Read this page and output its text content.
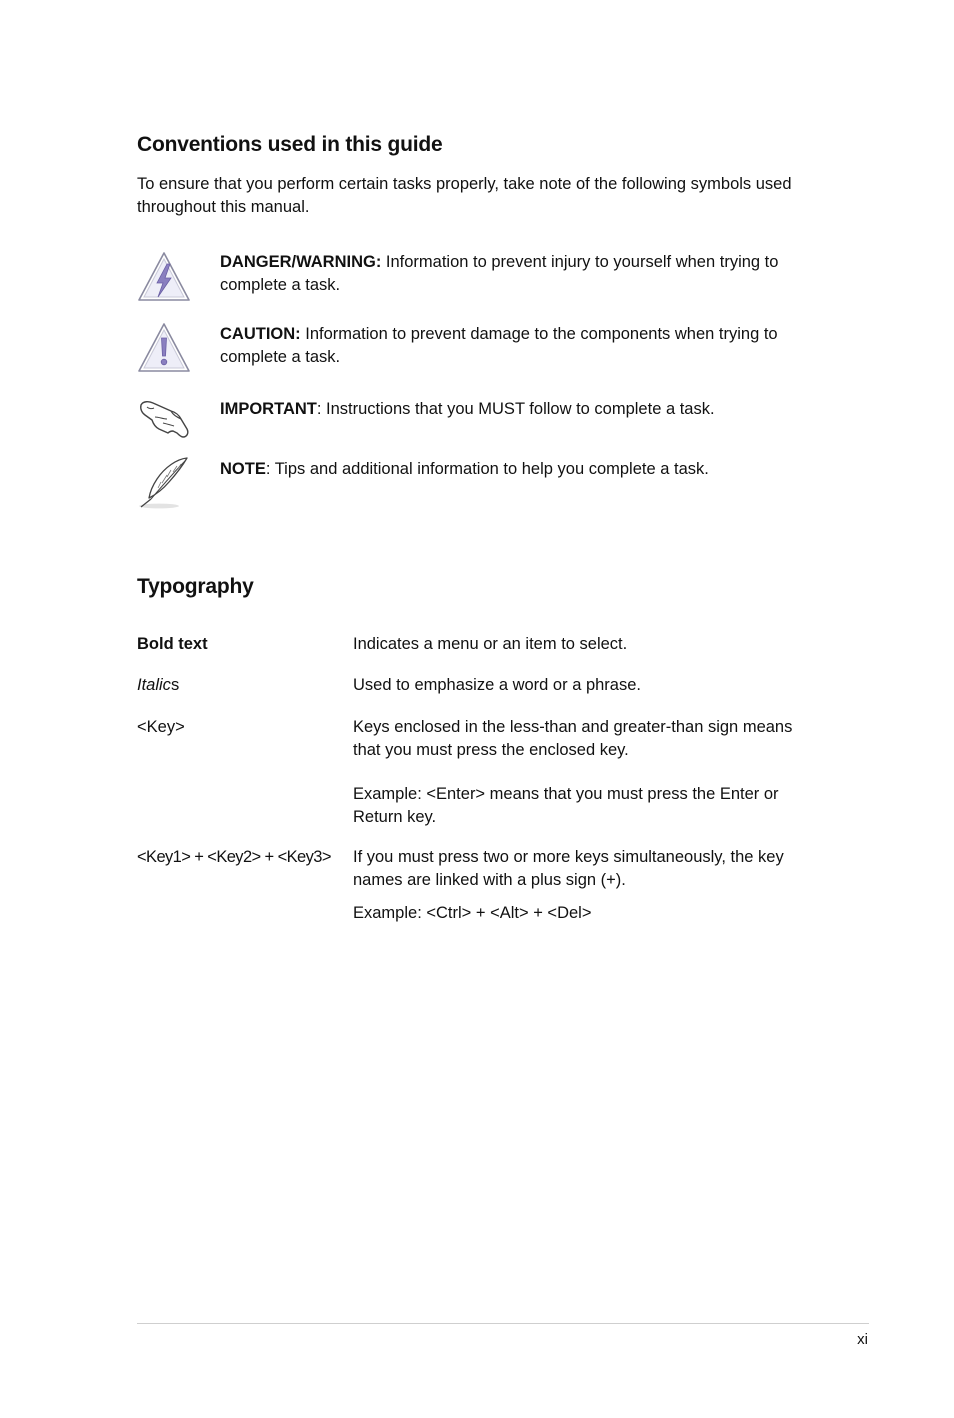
Conventions used in this guide
To ensure that you perform certain tasks properly, take note of the following symbols used throughout this manual.
DANGER/WARNING: Information to prevent injury to yourself when trying to complete a task.
CAUTION: Information to prevent damage to the components when trying to complete a task.
IMPORTANT: Instructions that you MUST follow to complete a task.
NOTE: Tips and additional information to help you complete a task.
Typography
Bold text	Indicates a menu or an item to select.
Italics	Used to emphasize a word or a phrase.
<Key>	Keys enclosed in the less-than and greater-than sign means that you must press the enclosed key.
Example: <Enter> means that you must press the Enter or Return key.
<Key1> + <Key2> + <Key3> If you must press two or more keys simultaneously, the key names are linked with a plus sign (+).
Example: <Ctrl> + <Alt> + <Del>
xi
